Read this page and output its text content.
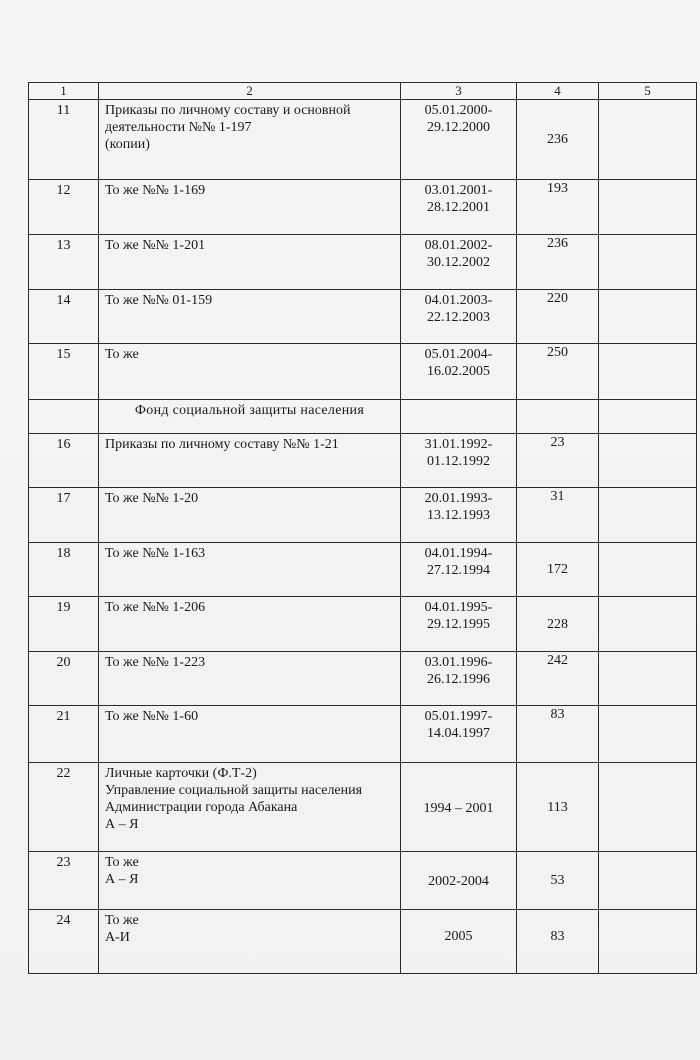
1	2	3	4	5
11	Приказы по личному составу и основной
деятельности №№ 1-197
(копии)	05.01.2000-
29.12.2000	236	

12	То же №№ 1-169	03.01.2001-
28.12.2001	193	

13	То же №№ 1-201	08.01.2002-
30.12.2002	236	

14	То же №№ 01-159	04.01.2003-
22.12.2003	220	

15	То же	05.01.2004-
16.02.2005	250	

	Фонд социальной защиты населения			
16	Приказы по личному составу №№ 1-21	31.01.1992-
01.12.1992	23	

17	То же №№ 1-20	20.01.1993-
13.12.1993	31	

18	То же №№ 1-163	04.01.1994-
27.12.1994	172	

19	То же №№ 1-206	04.01.1995-
29.12.1995	228	

20	То же №№ 1-223	03.01.1996-
26.12.1996	242	

21	То же №№ 1-60	05.01.1997-
14.04.1997	83	

22	Личные карточки (Ф.Т-2)
Управление социальной защиты населения
Администрации города Абакана
А – Я	1994 – 2001	113	

23	То же
А – Я	2002-2004	53	

24	То же
А-И	2005	83	
